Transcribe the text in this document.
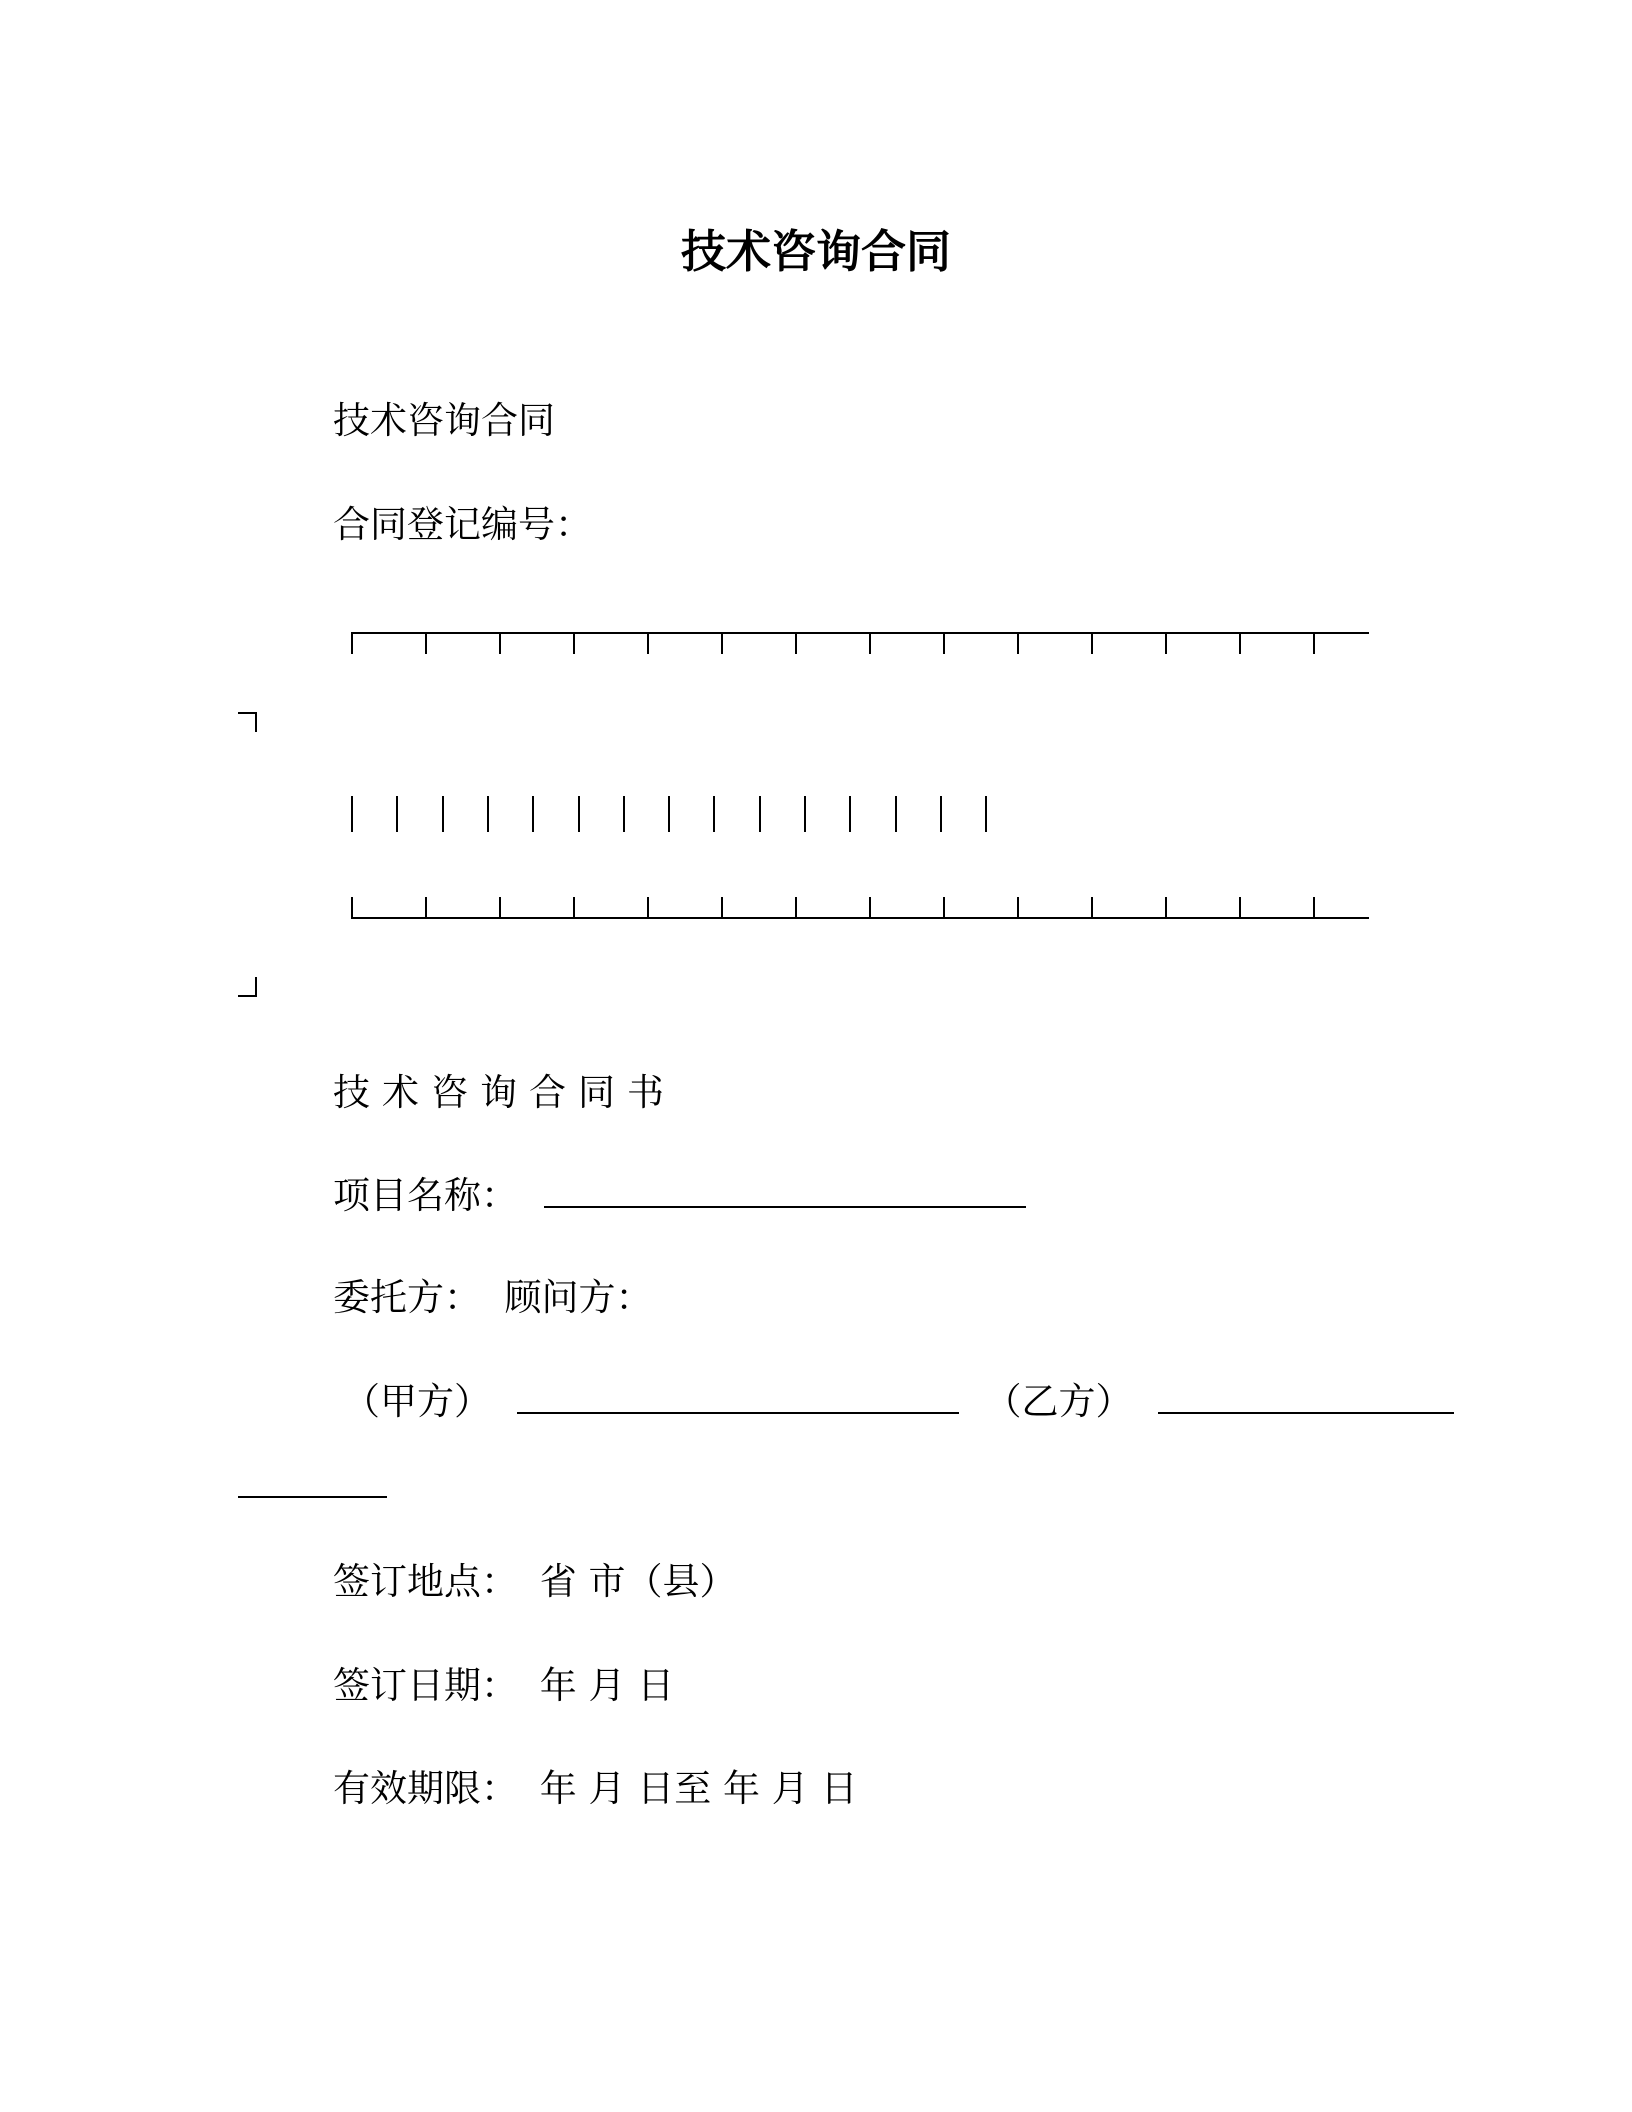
技术咨询合同
技术咨询合同
合同登记编号：
技术咨询合同书
项目名称：
委托方：  顾问方：
（甲方）	（乙方）
签订地点： 省 市（县）
签订日期： 年 月 日
有效期限： 年 月 日至 年 月 日
